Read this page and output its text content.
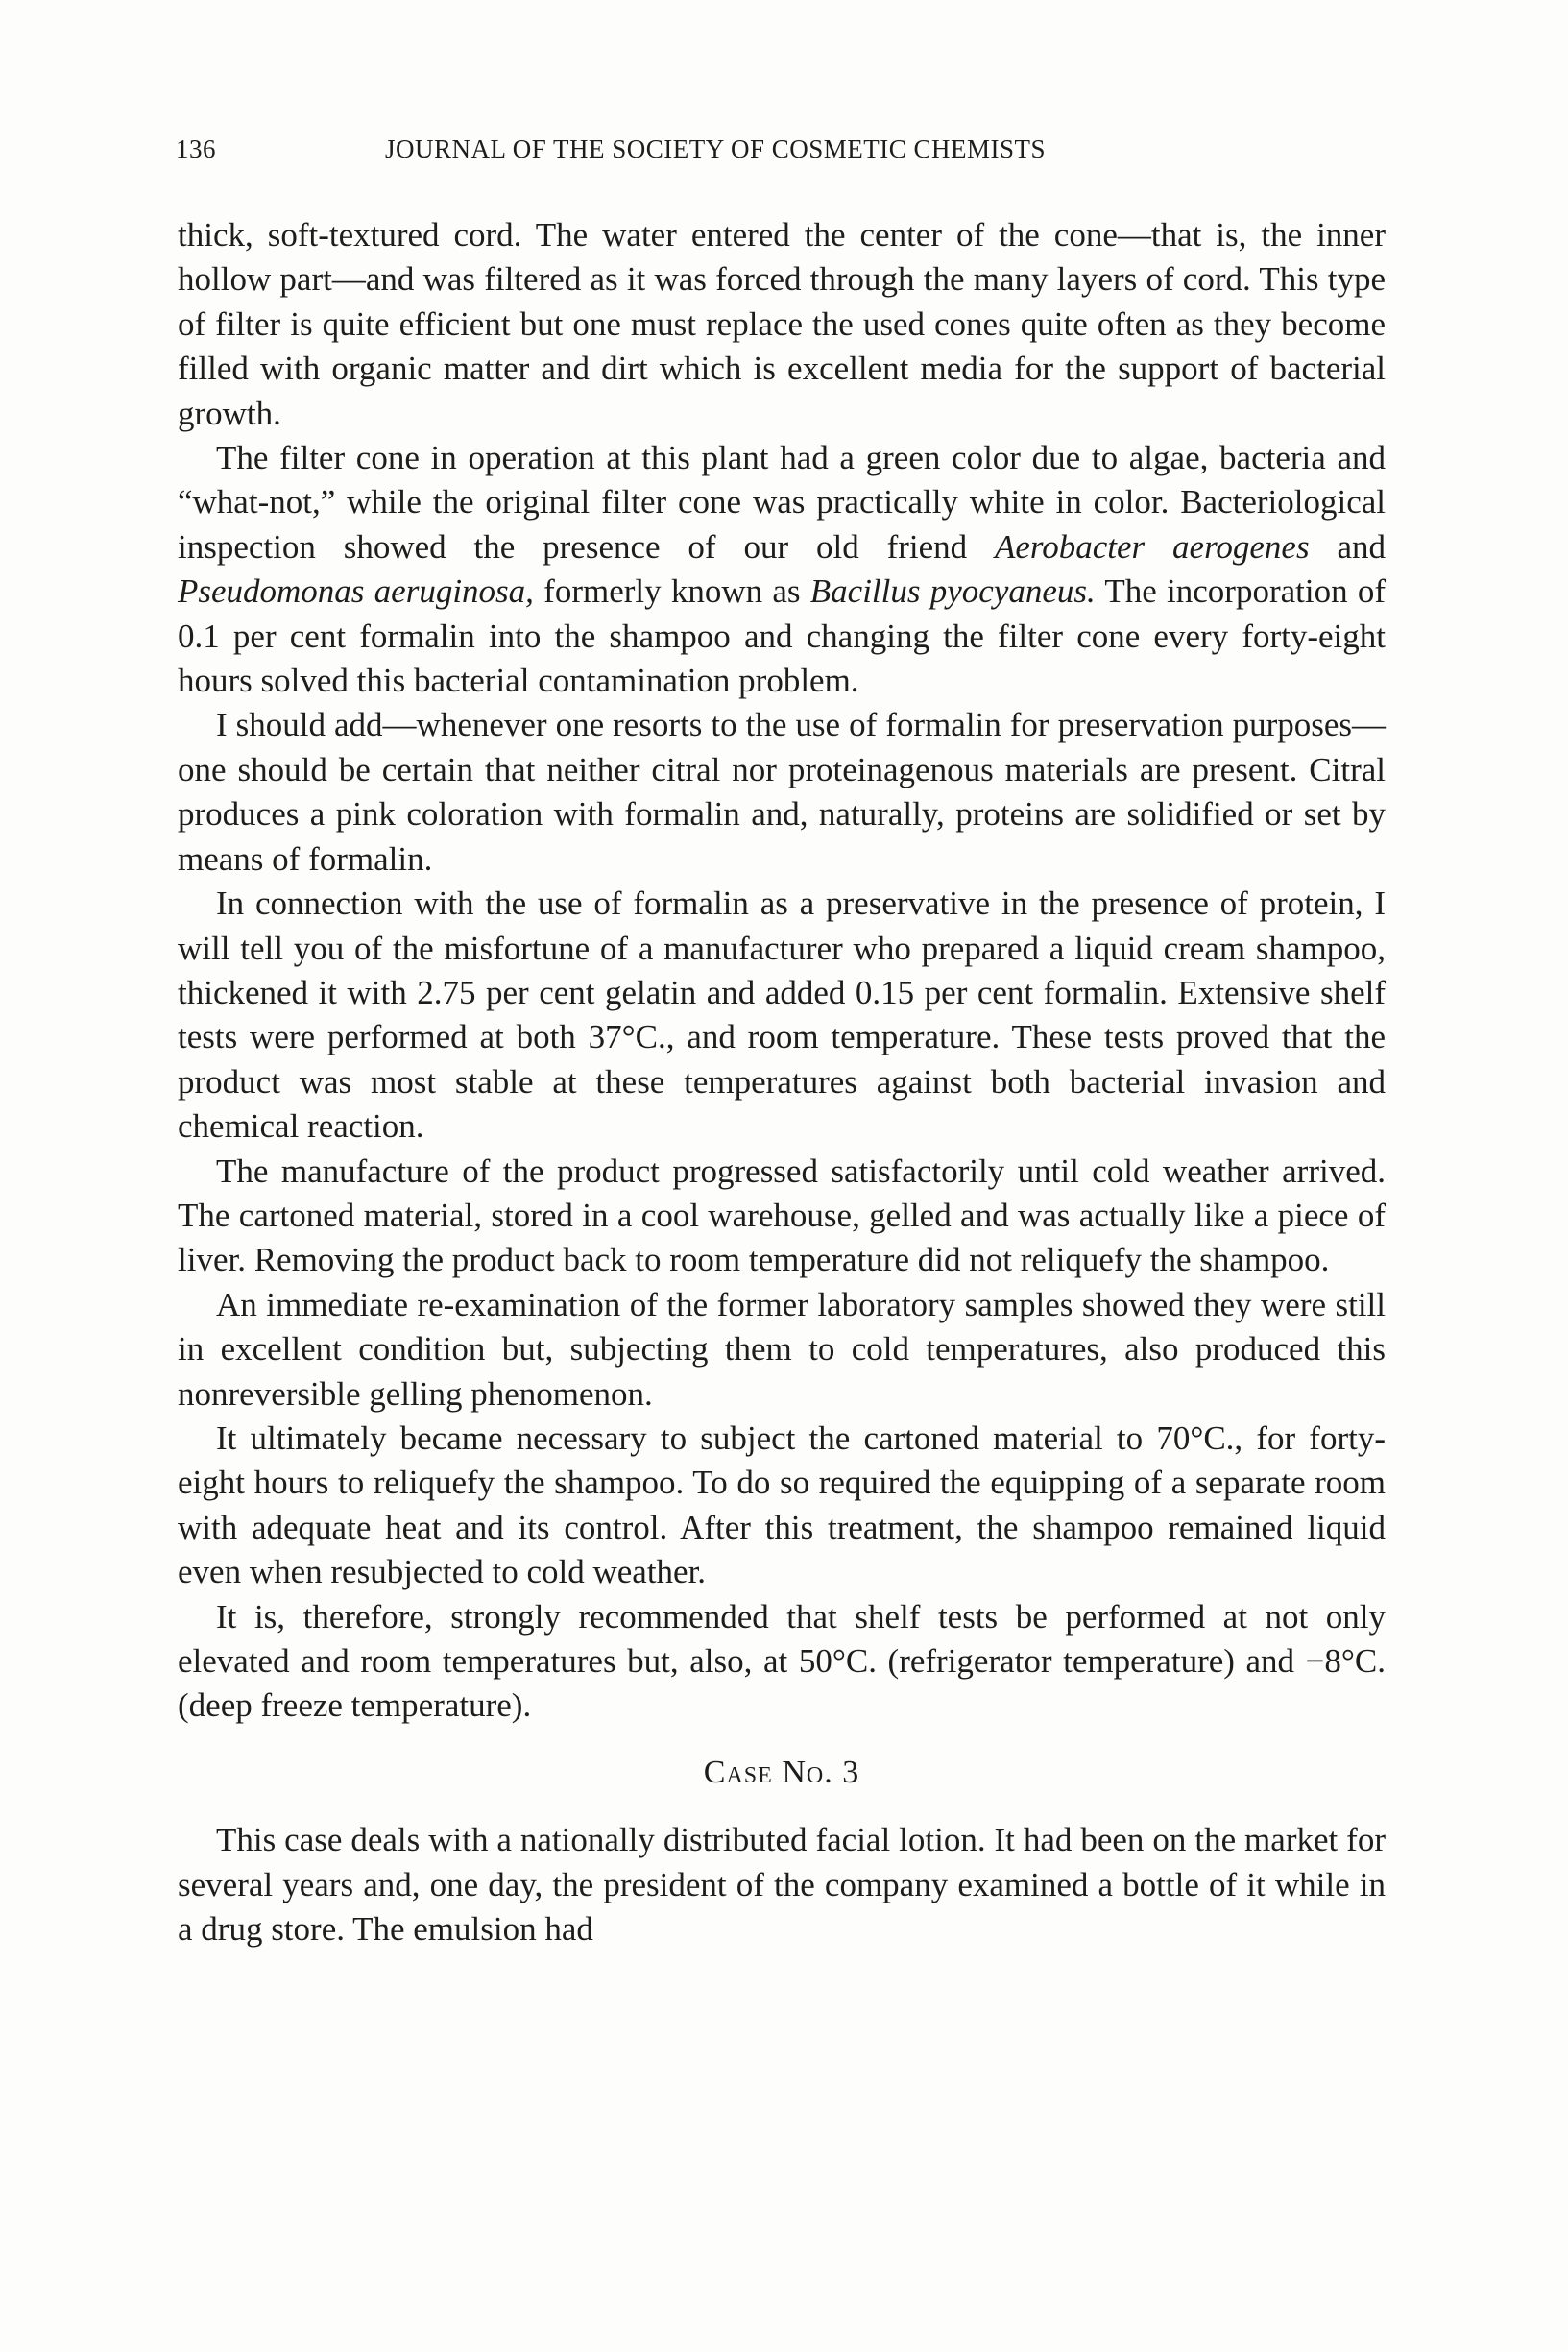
136	JOURNAL OF THE SOCIETY OF COSMETIC CHEMISTS

thick, soft-textured cord. The water entered the center of the cone—that is, the inner hollow part—and was filtered as it was forced through the many layers of cord. This type of filter is quite efficient but one must replace the used cones quite often as they become filled with organic matter and dirt which is excellent media for the support of bacterial growth.

The filter cone in operation at this plant had a green color due to algae, bacteria and “what-not,” while the original filter cone was practically white in color. Bacteriological inspection showed the presence of our old friend Aerobacter aerogenes and Pseudomonas aeruginosa, formerly known as Bacillus pyocyaneus. The incorporation of 0.1 per cent formalin into the shampoo and changing the filter cone every forty-eight hours solved this bacterial contamination problem.

I should add—whenever one resorts to the use of formalin for preservation purposes—one should be certain that neither citral nor proteinagenous materials are present. Citral produces a pink coloration with formalin and, naturally, proteins are solidified or set by means of formalin.

In connection with the use of formalin as a preservative in the presence of protein, I will tell you of the misfortune of a manufacturer who prepared a liquid cream shampoo, thickened it with 2.75 per cent gelatin and added 0.15 per cent formalin. Extensive shelf tests were performed at both 37°C., and room temperature. These tests proved that the product was most stable at these temperatures against both bacterial invasion and chemical reaction.

The manufacture of the product progressed satisfactorily until cold weather arrived. The cartoned material, stored in a cool warehouse, gelled and was actually like a piece of liver. Removing the product back to room temperature did not reliquefy the shampoo.

An immediate re-examination of the former laboratory samples showed they were still in excellent condition but, subjecting them to cold temperatures, also produced this nonreversible gelling phenomenon.

It ultimately became necessary to subject the cartoned material to 70°C., for forty-eight hours to reliquefy the shampoo. To do so required the equipping of a separate room with adequate heat and its control. After this treatment, the shampoo remained liquid even when resubjected to cold weather.

It is, therefore, strongly recommended that shelf tests be performed at not only elevated and room temperatures but, also, at 50°C. (refrigerator temperature) and −8°C. (deep freeze temperature).

Case No. 3

This case deals with a nationally distributed facial lotion. It had been on the market for several years and, one day, the president of the company examined a bottle of it while in a drug store. The emulsion had
